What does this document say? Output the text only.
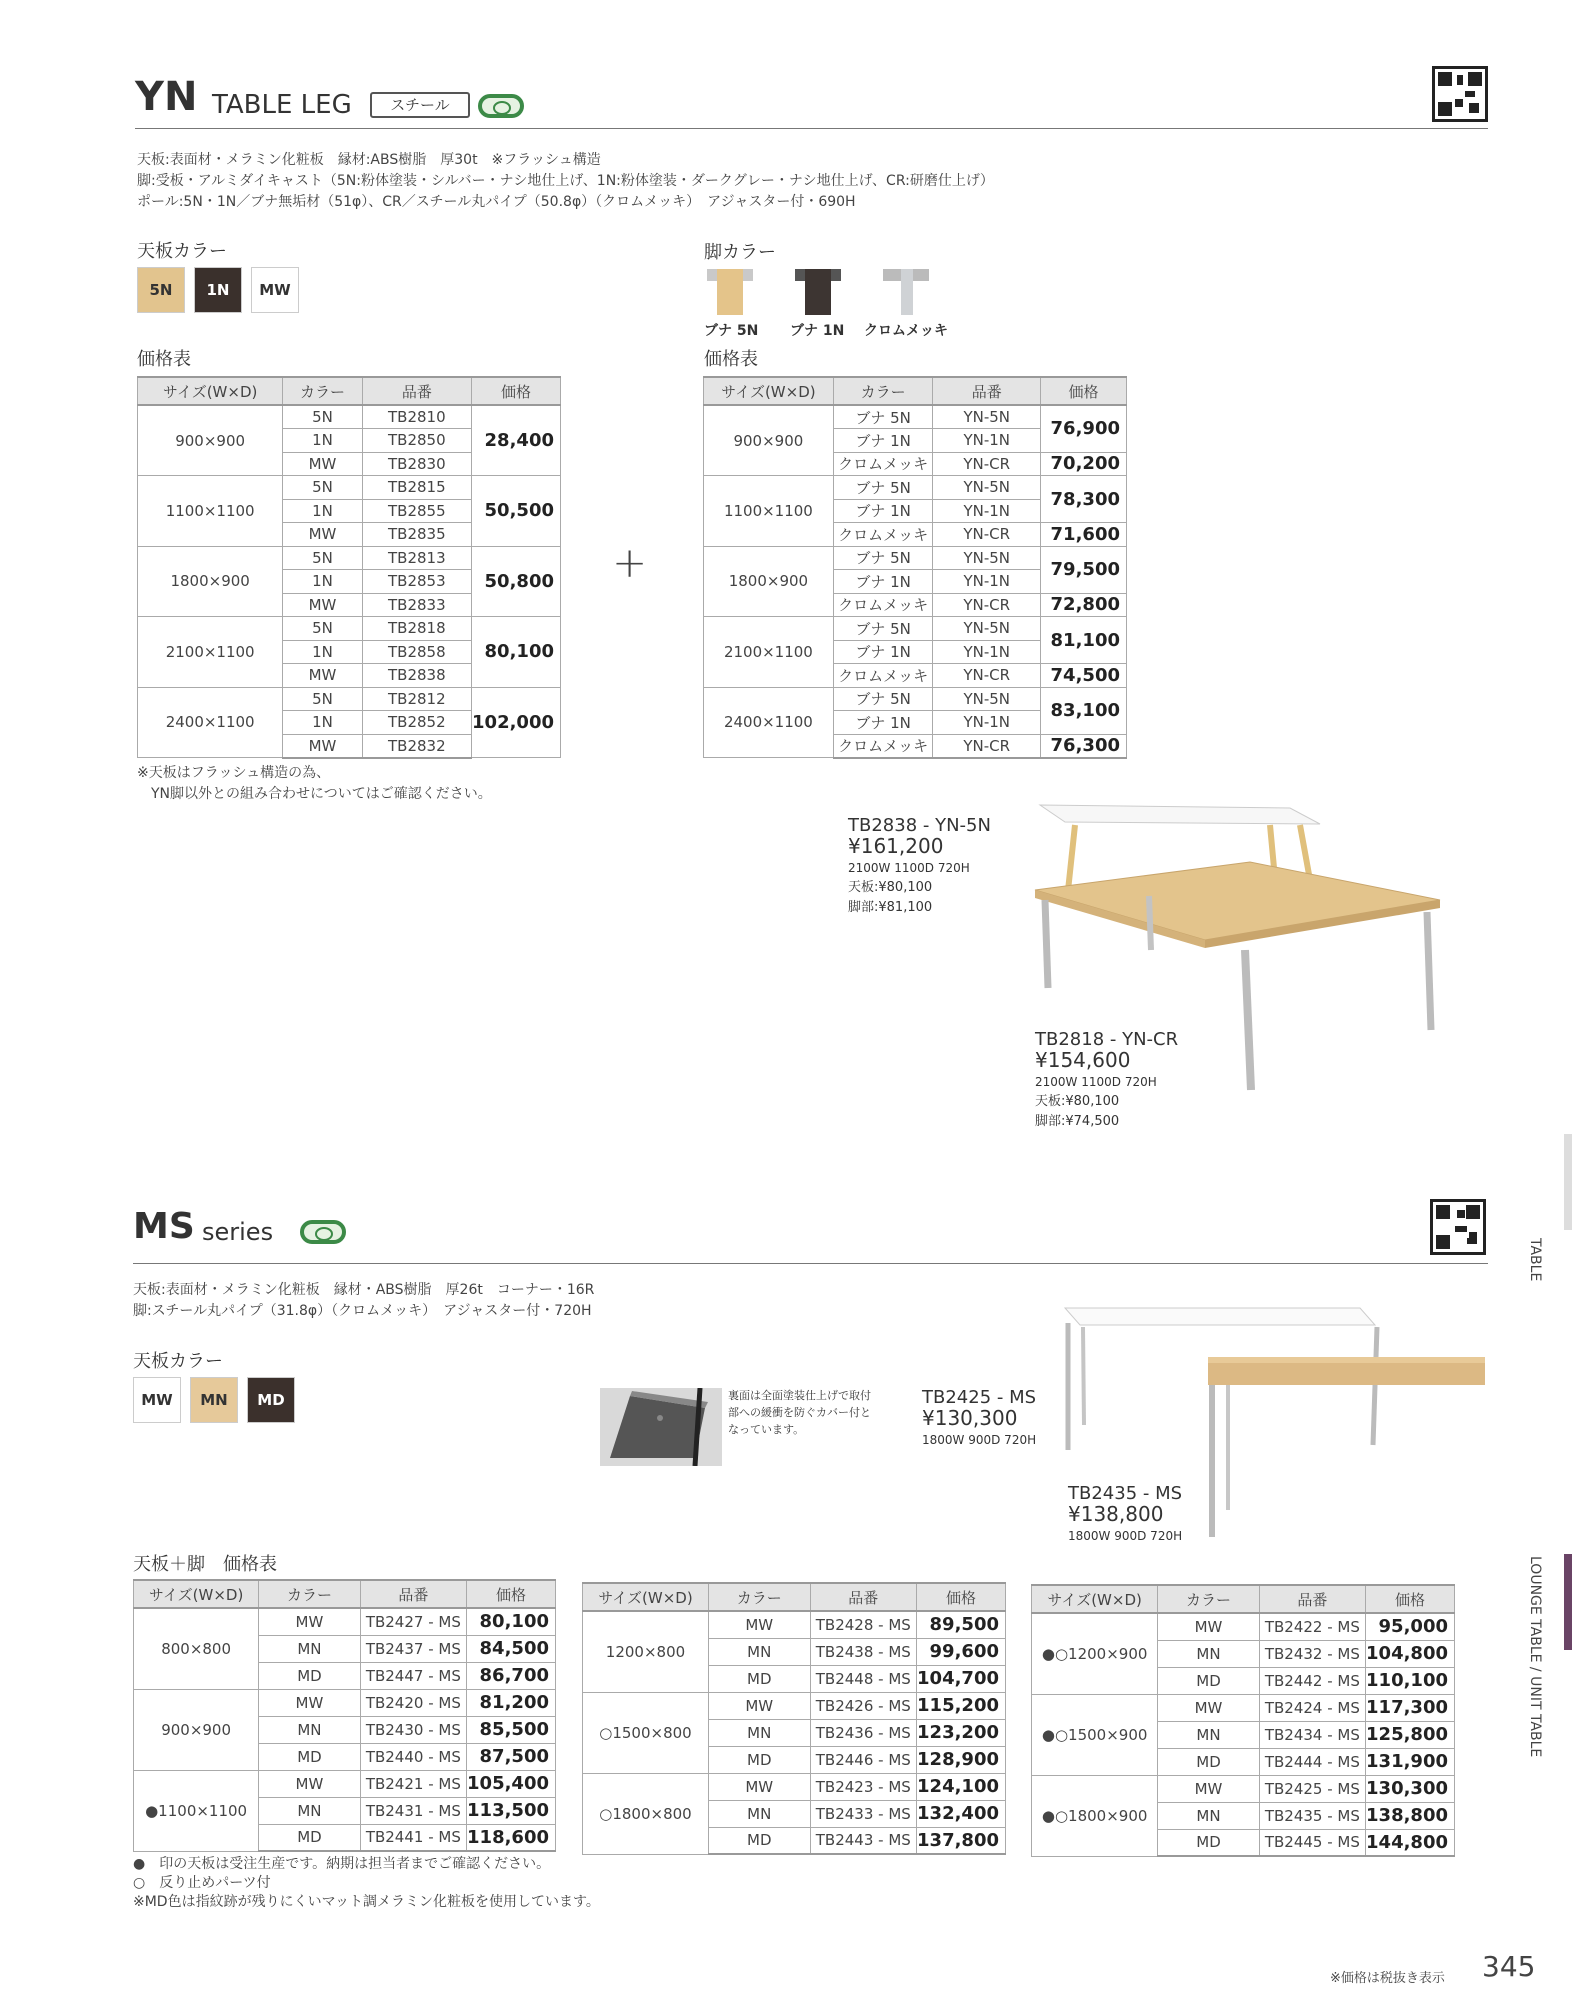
YN TABLE LEG	スチール
天板:表面材・メラミン化粧板　縁材:ABS樹脂　厚30t　※フラッシュ構造
脚:受板・アルミダイキャスト（5N:粉体塗装・シルバー・ナシ地仕上げ、1N:粉体塗装・ダークグレー・ナシ地仕上げ、CR:研磨仕上げ）
ポール:5N・1N／ブナ無垢材（51φ）、CR／スチール丸パイプ（50.8φ）（クロムメッキ）　アジャスター付・690H
天板カラー
5N	1N	MW
脚カラー
ブナ 5N ブナ 1N クロムメッキ
価格表	価格表
サイズ(W×D)	カラー	品番	価格
900×900	5N	TB2810	28,400
	1N	TB2850	
	MW	TB2830	
1100×1100	5N	TB2815	50,500
	1N	TB2855	
	MW	TB2835	
1800×900	5N	TB2813	50,800
	1N	TB2853	
	MW	TB2833	
2100×1100	5N	TB2818	80,100
	1N	TB2858	
	MW	TB2838	
2400×1100	5N	TB2812	102,000
	1N	TB2852	
	MW	TB2832	
サイズ(W×D)	カラー	品番	価格
900×900	ブナ 5N	YN-5N	76,900
	ブナ 1N	YN-1N	
	クロムメッキ	YN-CR	70,200
1100×1100	ブナ 5N	YN-5N	78,300
	ブナ 1N	YN-1N	
	クロムメッキ	YN-CR	71,600
1800×900	ブナ 5N	YN-5N	79,500
	ブナ 1N	YN-1N	
	クロムメッキ	YN-CR	72,800
2100×1100	ブナ 5N	YN-5N	81,100
	ブナ 1N	YN-1N	
	クロムメッキ	YN-CR	74,500
2400×1100	ブナ 5N	YN-5N	83,100
	ブナ 1N	YN-1N	
	クロムメッキ	YN-CR	76,300
+
※天板はフラッシュ構造の為、
YN脚以外との組み合わせについてはご確認ください。
TB2838 - YN-5N
¥161,200
2100W 1100D 720H
天板:¥80,100
脚部:¥81,100
TB2818 - YN-CR
¥154,600
2100W 1100D 720H
天板:¥80,100
脚部:¥74,500
MS series
天板:表面材・メラミン化粧板　縁材・ABS樹脂　厚26t　コーナー・16R
脚:スチール丸パイプ（31.8φ）（クロムメッキ）　アジャスター付・720H
天板カラー
MW	MN	MD	裏面は全面塗装仕上げで取付
部への緩衝を防ぐカバー付と
なっています。
TB2425 - MS
¥130,300
1800W 900D 720H
TB2435 - MS
¥138,800
1800W 900D 720H
天板＋脚　価格表
サイズ(W×D)	カラー	品番	価格
800×800	MW	TB2427 - MS	80,100
	MN	TB2437 - MS	84,500
	MD	TB2447 - MS	86,700
900×900	MW	TB2420 - MS	81,200
	MN	TB2430 - MS	85,500
	MD	TB2440 - MS	87,500
●1100×1100	MW	TB2421 - MS	105,400
	MN	TB2431 - MS	113,500
	MD	TB2441 - MS	118,600
サイズ(W×D)	カラー	品番	価格
1200×800	MW	TB2428 - MS	89,500
	MN	TB2438 - MS	99,600
	MD	TB2448 - MS	104,700
○1500×800	MW	TB2426 - MS	115,200
	MN	TB2436 - MS	123,200
	MD	TB2446 - MS	128,900
○1800×800	MW	TB2423 - MS	124,100
	MN	TB2433 - MS	132,400
	MD	TB2443 - MS	137,800
サイズ(W×D)	カラー	品番	価格
●○1200×900	MW	TB2422 - MS	95,000
	MN	TB2432 - MS	104,800
	MD	TB2442 - MS	110,100
●○1500×900	MW	TB2424 - MS	117,300
	MN	TB2434 - MS	125,800
	MD	TB2444 - MS	131,900
●○1800×900	MW	TB2425 - MS	130,300
	MN	TB2435 - MS	138,800
	MD	TB2445 - MS	144,800
●　印の天板は受注生産です。納期は担当者までご確認ください。
○　反り止めパーツ付
※MD色は指紋跡が残りにくいマット調メラミン化粧板を使用しています。
TABLE
LOUNGE TABLE / UNIT TABLE
※価格は税抜き表示 345
